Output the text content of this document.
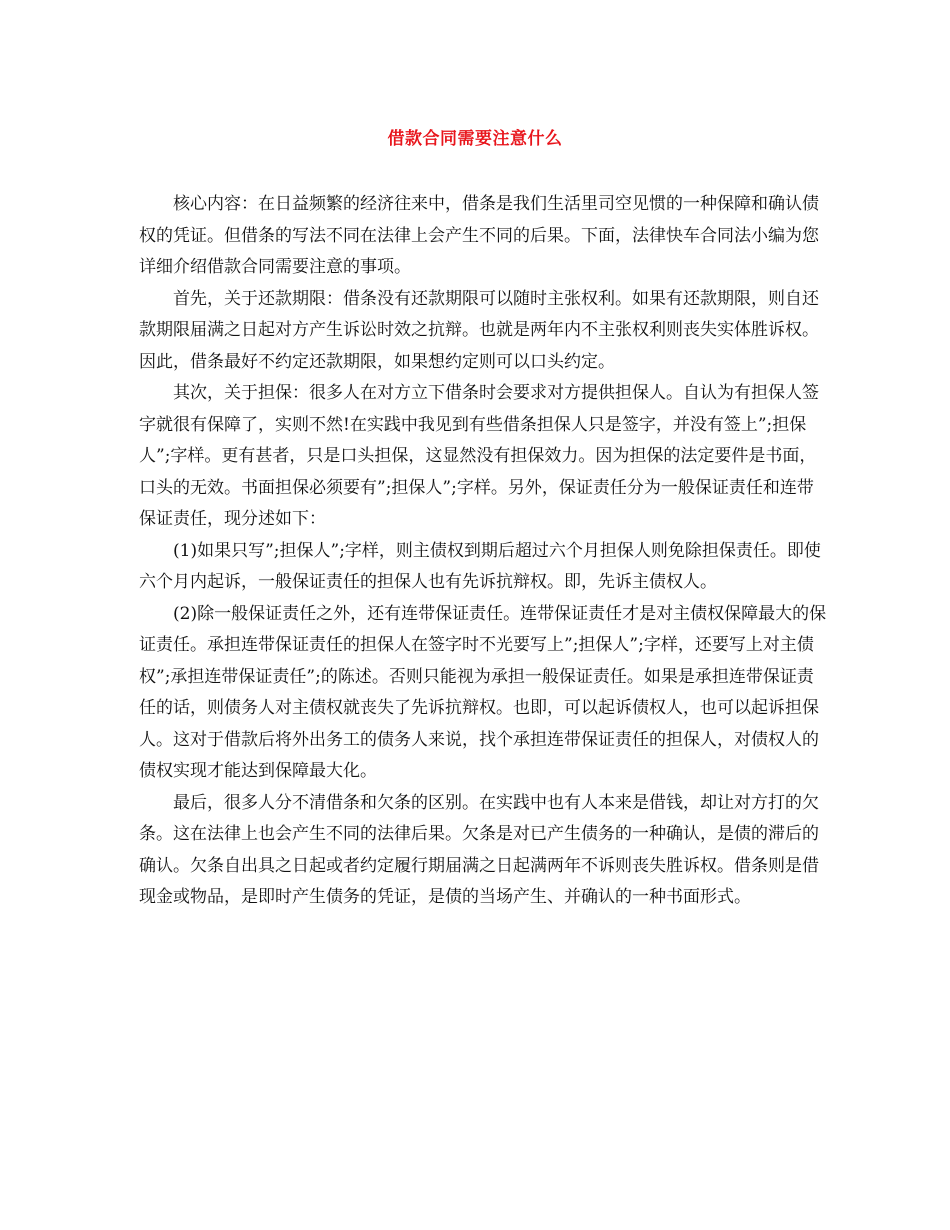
借款合同需要注意什么

核心内容：在日益频繁的经济往来中，借条是我们生活里司空见惯的一种保障和确认债权的凭证。但借条的写法不同在法律上会产生不同的后果。下面，法律快车合同法小编为您详细介绍借款合同需要注意的事项。

首先，关于还款期限：借条没有还款期限可以随时主张权利。如果有还款期限，则自还款期限届满之日起对方产生诉讼时效之抗辩。也就是两年内不主张权利则丧失实体胜诉权。因此，借条最好不约定还款期限，如果想约定则可以口头约定。

其次，关于担保：很多人在对方立下借条时会要求对方提供担保人。自认为有担保人签字就很有保障了，实则不然!在实践中我见到有些借条担保人只是签字，并没有签上”;担保人”;字样。更有甚者，只是口头担保，这显然没有担保效力。因为担保的法定要件是书面，口头的无效。书面担保必须要有”;担保人”;字样。另外，保证责任分为一般保证责任和连带保证责任，现分述如下：

(1)如果只写”;担保人”;字样，则主债权到期后超过六个月担保人则免除担保责任。即使六个月内起诉，一般保证责任的担保人也有先诉抗辩权。即，先诉主债权人。

(2)除一般保证责任之外，还有连带保证责任。连带保证责任才是对主债权保障最大的保证责任。承担连带保证责任的担保人在签字时不光要写上”;担保人”;字样，还要写上对主债权”;承担连带保证责任”;的陈述。否则只能视为承担一般保证责任。如果是承担连带保证责任的话，则债务人对主债权就丧失了先诉抗辩权。也即，可以起诉债权人，也可以起诉担保人。这对于借款后将外出务工的债务人来说，找个承担连带保证责任的担保人，对债权人的债权实现才能达到保障最大化。

最后，很多人分不清借条和欠条的区别。在实践中也有人本来是借钱，却让对方打的欠条。这在法律上也会产生不同的法律后果。欠条是对已产生债务的一种确认，是债的滞后的确认。欠条自出具之日起或者约定履行期届满之日起满两年不诉则丧失胜诉权。借条则是借现金或物品，是即时产生债务的凭证，是债的当场产生、并确认的一种书面形式。
